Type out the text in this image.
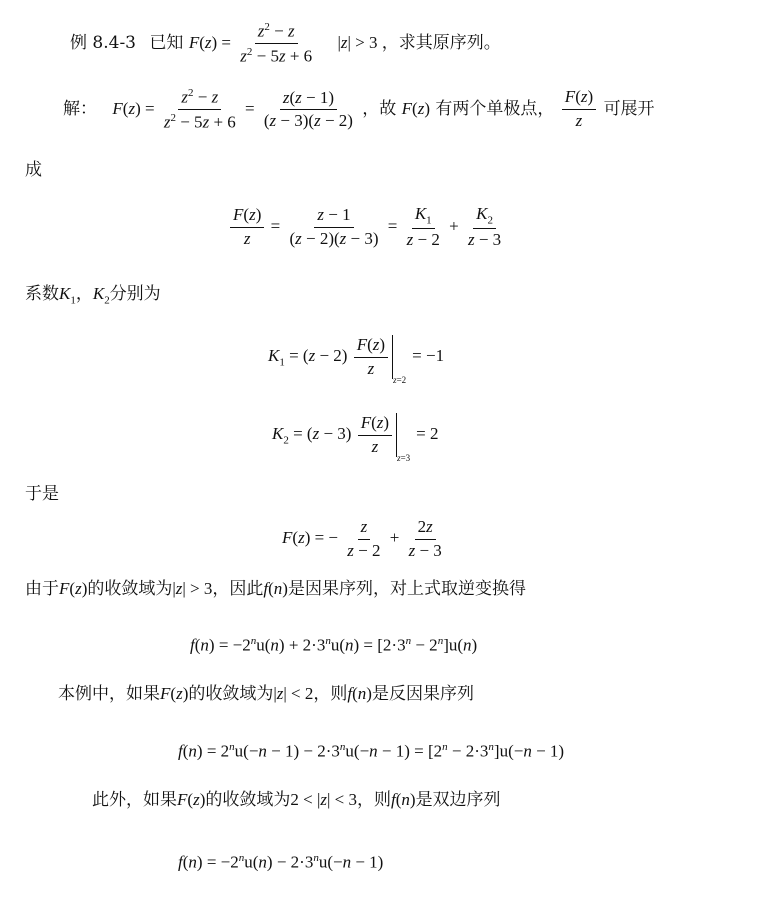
例 8.4-3 已知 $F(z) = \frac{z^2 - z}{z^2 - 5z + 6} |z| > 3$ ，求其原序列。
解： $F(z) = \frac{z^2 - z}{z^2 - 5z + 6} = \frac{z(z - 1)}{(z - 3)(z - 2)}$ ，故 F(z) 有两个单极点， $\frac{F(z)}{z}$ 可展开
成
$\frac{F(z)}{z} = \frac{z - 1}{(z - 2)(z - 3)} = \frac{K_1}{z - 2} + \frac{K_2}{z - 3}$
系数$K_1$，$K_2$分别为
$K_1 = (z - 2) \frac{F(z)}{z}$
z=2= −1
$K_2 = (z - 3) \frac{F(z)}{z}$
z=3= 2
于是
F(z) = − $\frac{z}{z - 2} + \frac{2z}{z - 3}$
由于F(z)的收敛域为|z| > 3，因此f(n)是因果序列，对上式取逆变换得
$f(n) = -2^nu(n) + 2\cdot 3^nu(n) = [2\cdot 3^n - 2^n]u(n)$
本例中，如果F(z)的收敛域为|z| < 2，则f(n)是反因果序列
$f(n) = 2^nu(-n - 1) - 2\cdot 3^nu(-n - 1) = [2^n - 2\cdot 3^n]u(-n - 1)$
此外，如果F(z)的收敛域为2 < |z| < 3，则f(n)是双边序列
$f(n) = -2^nu(n) - 2\cdot 3^nu(-n - 1)$
